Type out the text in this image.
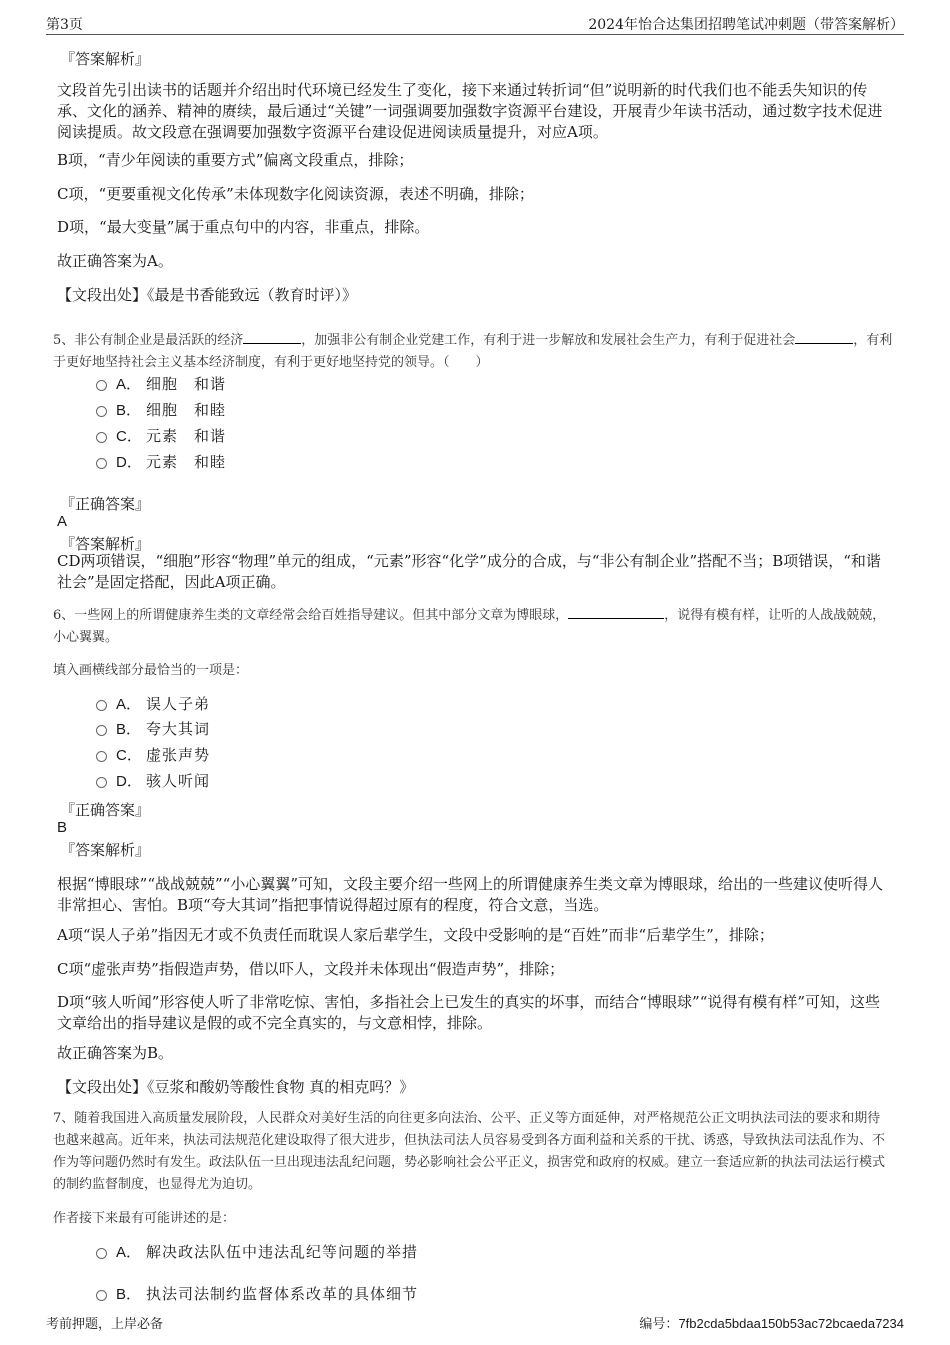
第3页	2024年怡合达集团招聘笔试冲刺题（带答案解析）
『答案解析』
文段首先引出读书的话题并介绍出时代环境已经发生了变化，接下来通过转折词“但”说明新的时代我们也不能丢失知识的传承、文化的涵养、精神的赓续，最后通过“关键”一词强调要加强数字资源平台建设，开展青少年读书活动，通过数字技术促进阅读提质。故文段意在强调要加强数字资源平台建设促进阅读质量提升，对应A项。
B项，“青少年阅读的重要方式”偏离文段重点，排除；
C项，“更要重视文化传承”未体现数字化阅读资源，表述不明确，排除；
D项，“最大变量”属于重点句中的内容，非重点，排除。
故正确答案为A。
【文段出处】《最是书香能致远（教育时评）》
5、非公有制企业是最活跃的经济	，加强非公有制企业党建工作，有利于进一步解放和发展社会生产力，有利于促进社会	，有利于更好地坚持社会主义基本经济制度，有利于更好地坚持党的领导。（　　）
A． 细胞　和谐
B． 细胞　和睦
C． 元素　和谐
D． 元素　和睦
『正确答案』
A
『答案解析』
CD两项错误，“细胞”形容“物理”单元的组成，“元素”形容“化学”成分的合成，与“非公有制企业”搭配不当；B项错误，“和谐社会”是固定搭配，因此A项正确。
6、一些网上的所谓健康养生类的文章经常会给百姓指导建议。但其中部分文章为博眼球，	，说得有模有样，让听的人战战兢兢，小心翼翼。
填入画横线部分最恰当的一项是：
A． 误人子弟
B． 夸大其词
C． 虚张声势
D． 骇人听闻
『正确答案』
B
『答案解析』
根据“博眼球”“战战兢兢”“小心翼翼”可知，文段主要介绍一些网上的所谓健康养生类文章为博眼球，给出的一些建议使听得人非常担心、害怕。B项“夸大其词”指把事情说得超过原有的程度，符合文意，当选。
A项“误人子弟”指因无才或不负责任而耽误人家后辈学生，文段中受影响的是“百姓”而非“后辈学生”，排除；
C项“虚张声势”指假造声势，借以吓人，文段并未体现出“假造声势”，排除；
D项“骇人听闻”形容使人听了非常吃惊、害怕，多指社会上已发生的真实的坏事，而结合“博眼球”“说得有模有样”可知，这些文章给出的指导建议是假的或不完全真实的，与文意相悖，排除。
故正确答案为B。
【文段出处】《豆浆和酸奶等酸性食物 真的相克吗？》
7、随着我国进入高质量发展阶段，人民群众对美好生活的向往更多向法治、公平、正义等方面延伸，对严格规范公正文明执法司法的要求和期待也越来越高。近年来，执法司法规范化建设取得了很大进步，但执法司法人员容易受到各方面利益和关系的干扰、诱惑，导致执法司法乱作为、不作为等问题仍然时有发生。政法队伍一旦出现违法乱纪问题，势必影响社会公平正义，损害党和政府的权威。建立一套适应新的执法司法运行模式的制约监督制度，也显得尤为迫切。
作者接下来最有可能讲述的是：
A． 解决政法队伍中违法乱纪等问题的举措
B． 执法司法制约监督体系改革的具体细节
考前押题，上岸必备	编号：7fb2cda5bdaa150b53ac72bcaeda7234
